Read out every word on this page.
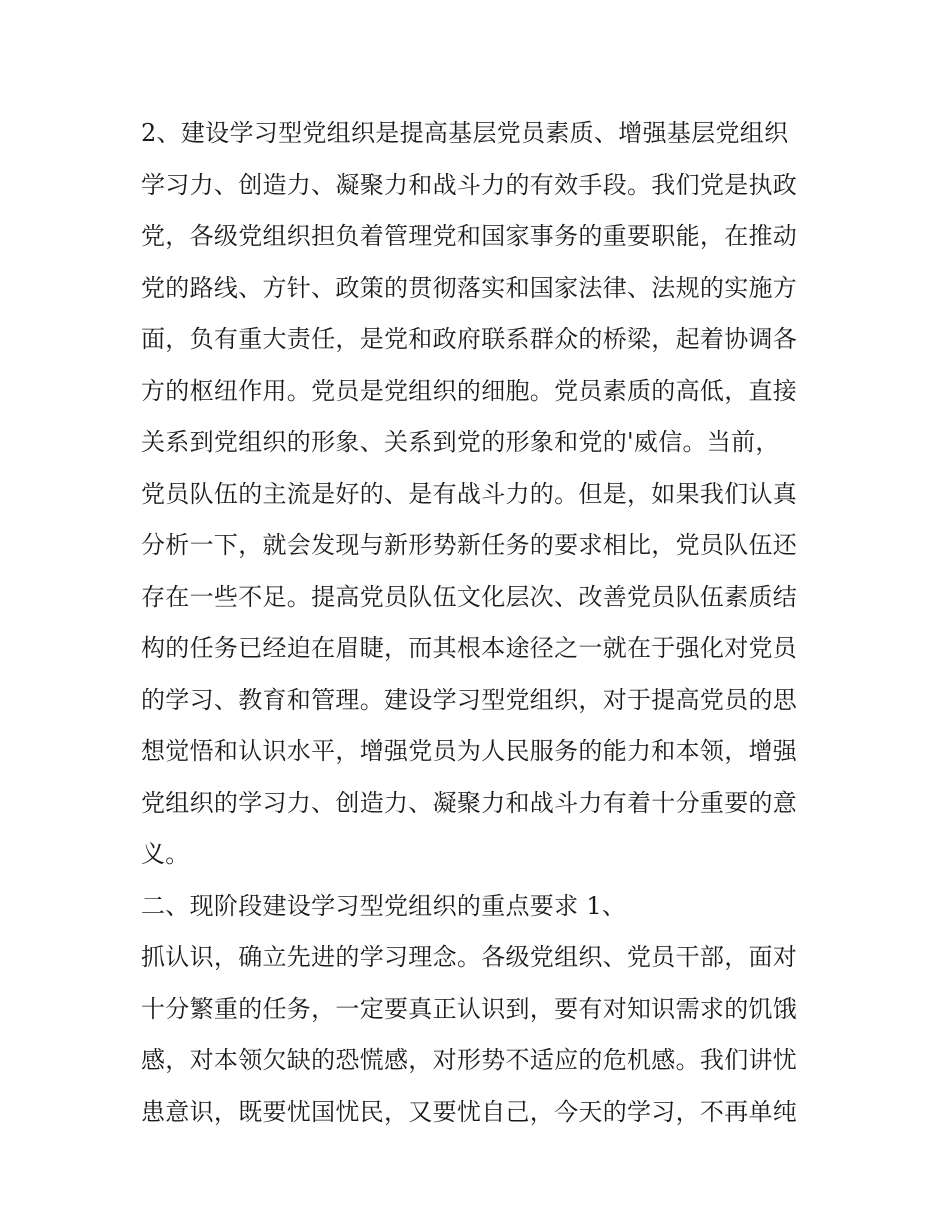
2、建设学习型党组织是提高基层党员素质、增强基层党组织
学习力、创造力、凝聚力和战斗力的有效手段。我们党是执政
党，各级党组织担负着管理党和国家事务的重要职能，在推动
党的路线、方针、政策的贯彻落实和国家法律、法规的实施方
面，负有重大责任，是党和政府联系群众的桥梁，起着协调各
方的枢纽作用。党员是党组织的细胞。党员素质的高低，直接
关系到党组织的形象、关系到党的形象和党的'威信。当前，
党员队伍的主流是好的、是有战斗力的。但是，如果我们认真
分析一下，就会发现与新形势新任务的要求相比，党员队伍还
存在一些不足。提高党员队伍文化层次、改善党员队伍素质结
构的任务已经迫在眉睫，而其根本途径之一就在于强化对党员
的学习、教育和管理。建设学习型党组织，对于提高党员的思
想觉悟和认识水平，增强党员为人民服务的能力和本领，增强
党组织的学习力、创造力、凝聚力和战斗力有着十分重要的意
义。
二、现阶段建设学习型党组织的重点要求 1、
抓认识，确立先进的学习理念。各级党组织、党员干部，面对
十分繁重的任务，一定要真正认识到，要有对知识需求的饥饿
感，对本领欠缺的恐慌感，对形势不适应的危机感。我们讲忧
患意识，既要忧国忧民，又要忧自己，今天的学习，不再单纯
